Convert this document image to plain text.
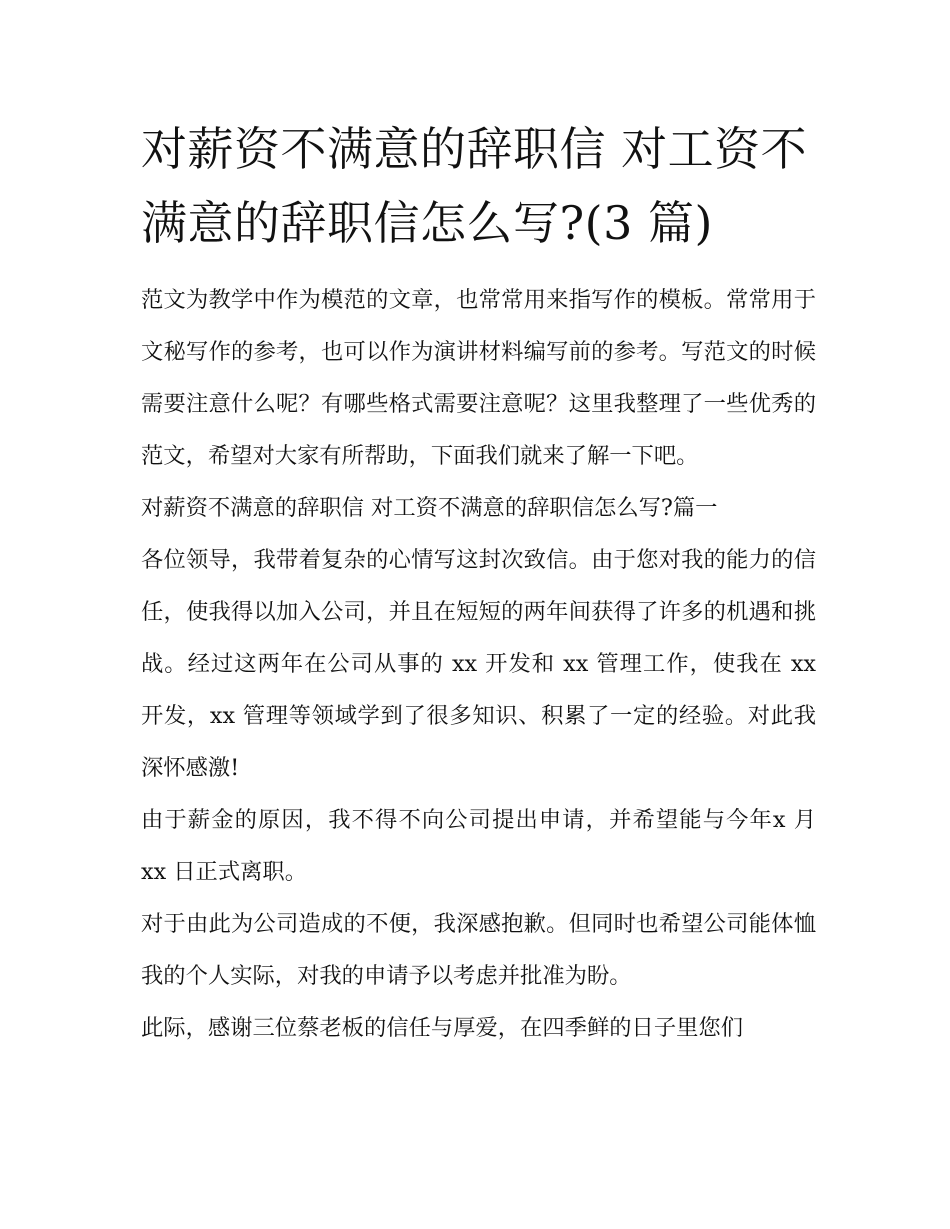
对薪资不满意的辞职信 对工资不满意的辞职信怎么写?(3 篇)

范文为教学中作为模范的文章，也常常用来指写作的模板。常常用于文秘写作的参考，也可以作为演讲材料编写前的参考。写范文的时候需要注意什么呢？有哪些格式需要注意呢？这里我整理了一些优秀的范文，希望对大家有所帮助，下面我们就来了解一下吧。

对薪资不满意的辞职信 对工资不满意的辞职信怎么写?篇一

各位领导，我带着复杂的心情写这封次致信。由于您对我的能力的信任，使我得以加入公司，并且在短短的两年间获得了许多的机遇和挑战。经过这两年在公司从事的 xx 开发和 xx 管理工作，使我在 xx 开发，xx 管理等领域学到了很多知识、积累了一定的经验。对此我深怀感激!

由于薪金的原因，我不得不向公司提出申请，并希望能与今年x 月 xx 日正式离职。

对于由此为公司造成的不便，我深感抱歉。但同时也希望公司能体恤我的个人实际，对我的申请予以考虑并批准为盼。

此际，感谢三位蔡老板的信任与厚爱，在四季鲜的日子里您们
